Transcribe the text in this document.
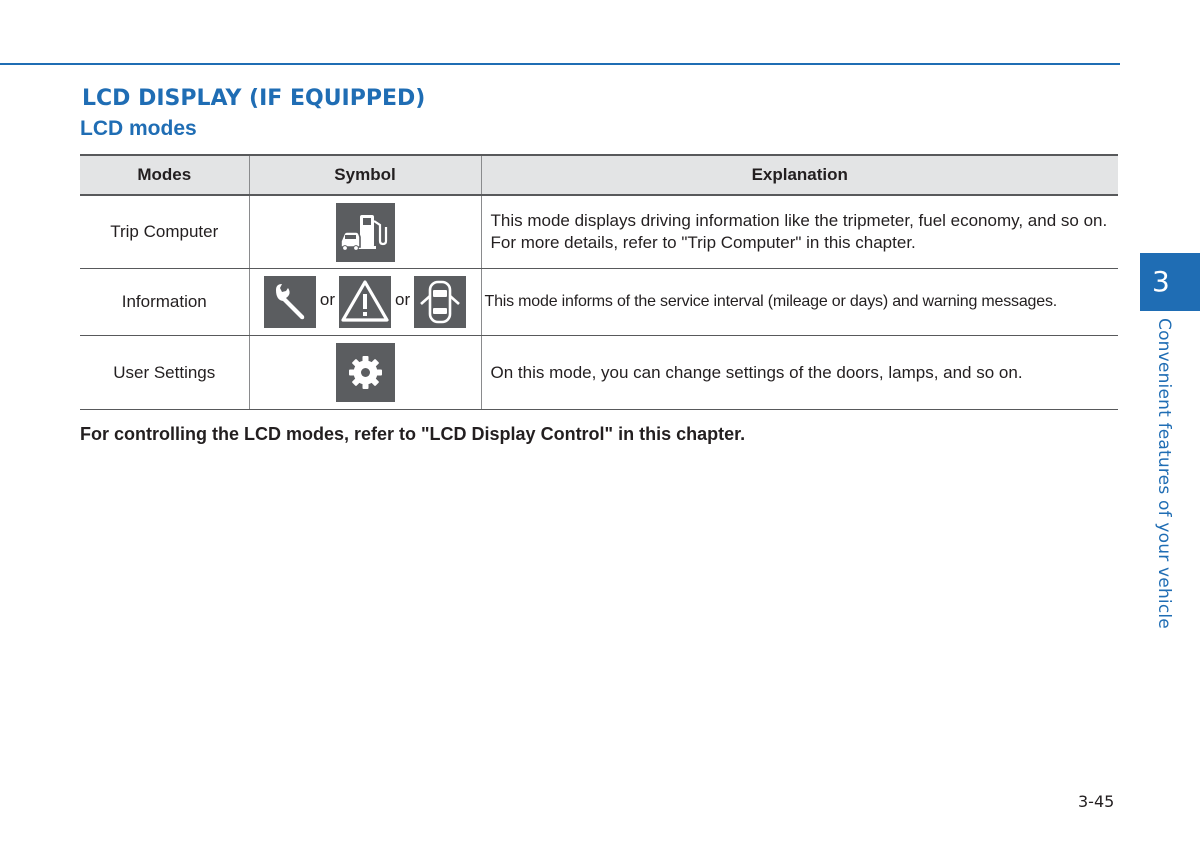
LCD DISPLAY (IF EQUIPPED)
LCD modes
Modes	Symbol	Explanation
Trip Computer		This mode displays driving information like the tripmeter, fuel economy, and so on.
For more details, refer to "Trip Computer" in this chapter.

Information	or or	This mode informs of the service interval (mileage or days) and warning messages.

User Settings		On this mode, you can change settings of the doors, lamps, and so on.

For controlling the LCD modes, refer to "LCD Display Control" in this chapter.

3
Convenient features of your vehicle
3-45
